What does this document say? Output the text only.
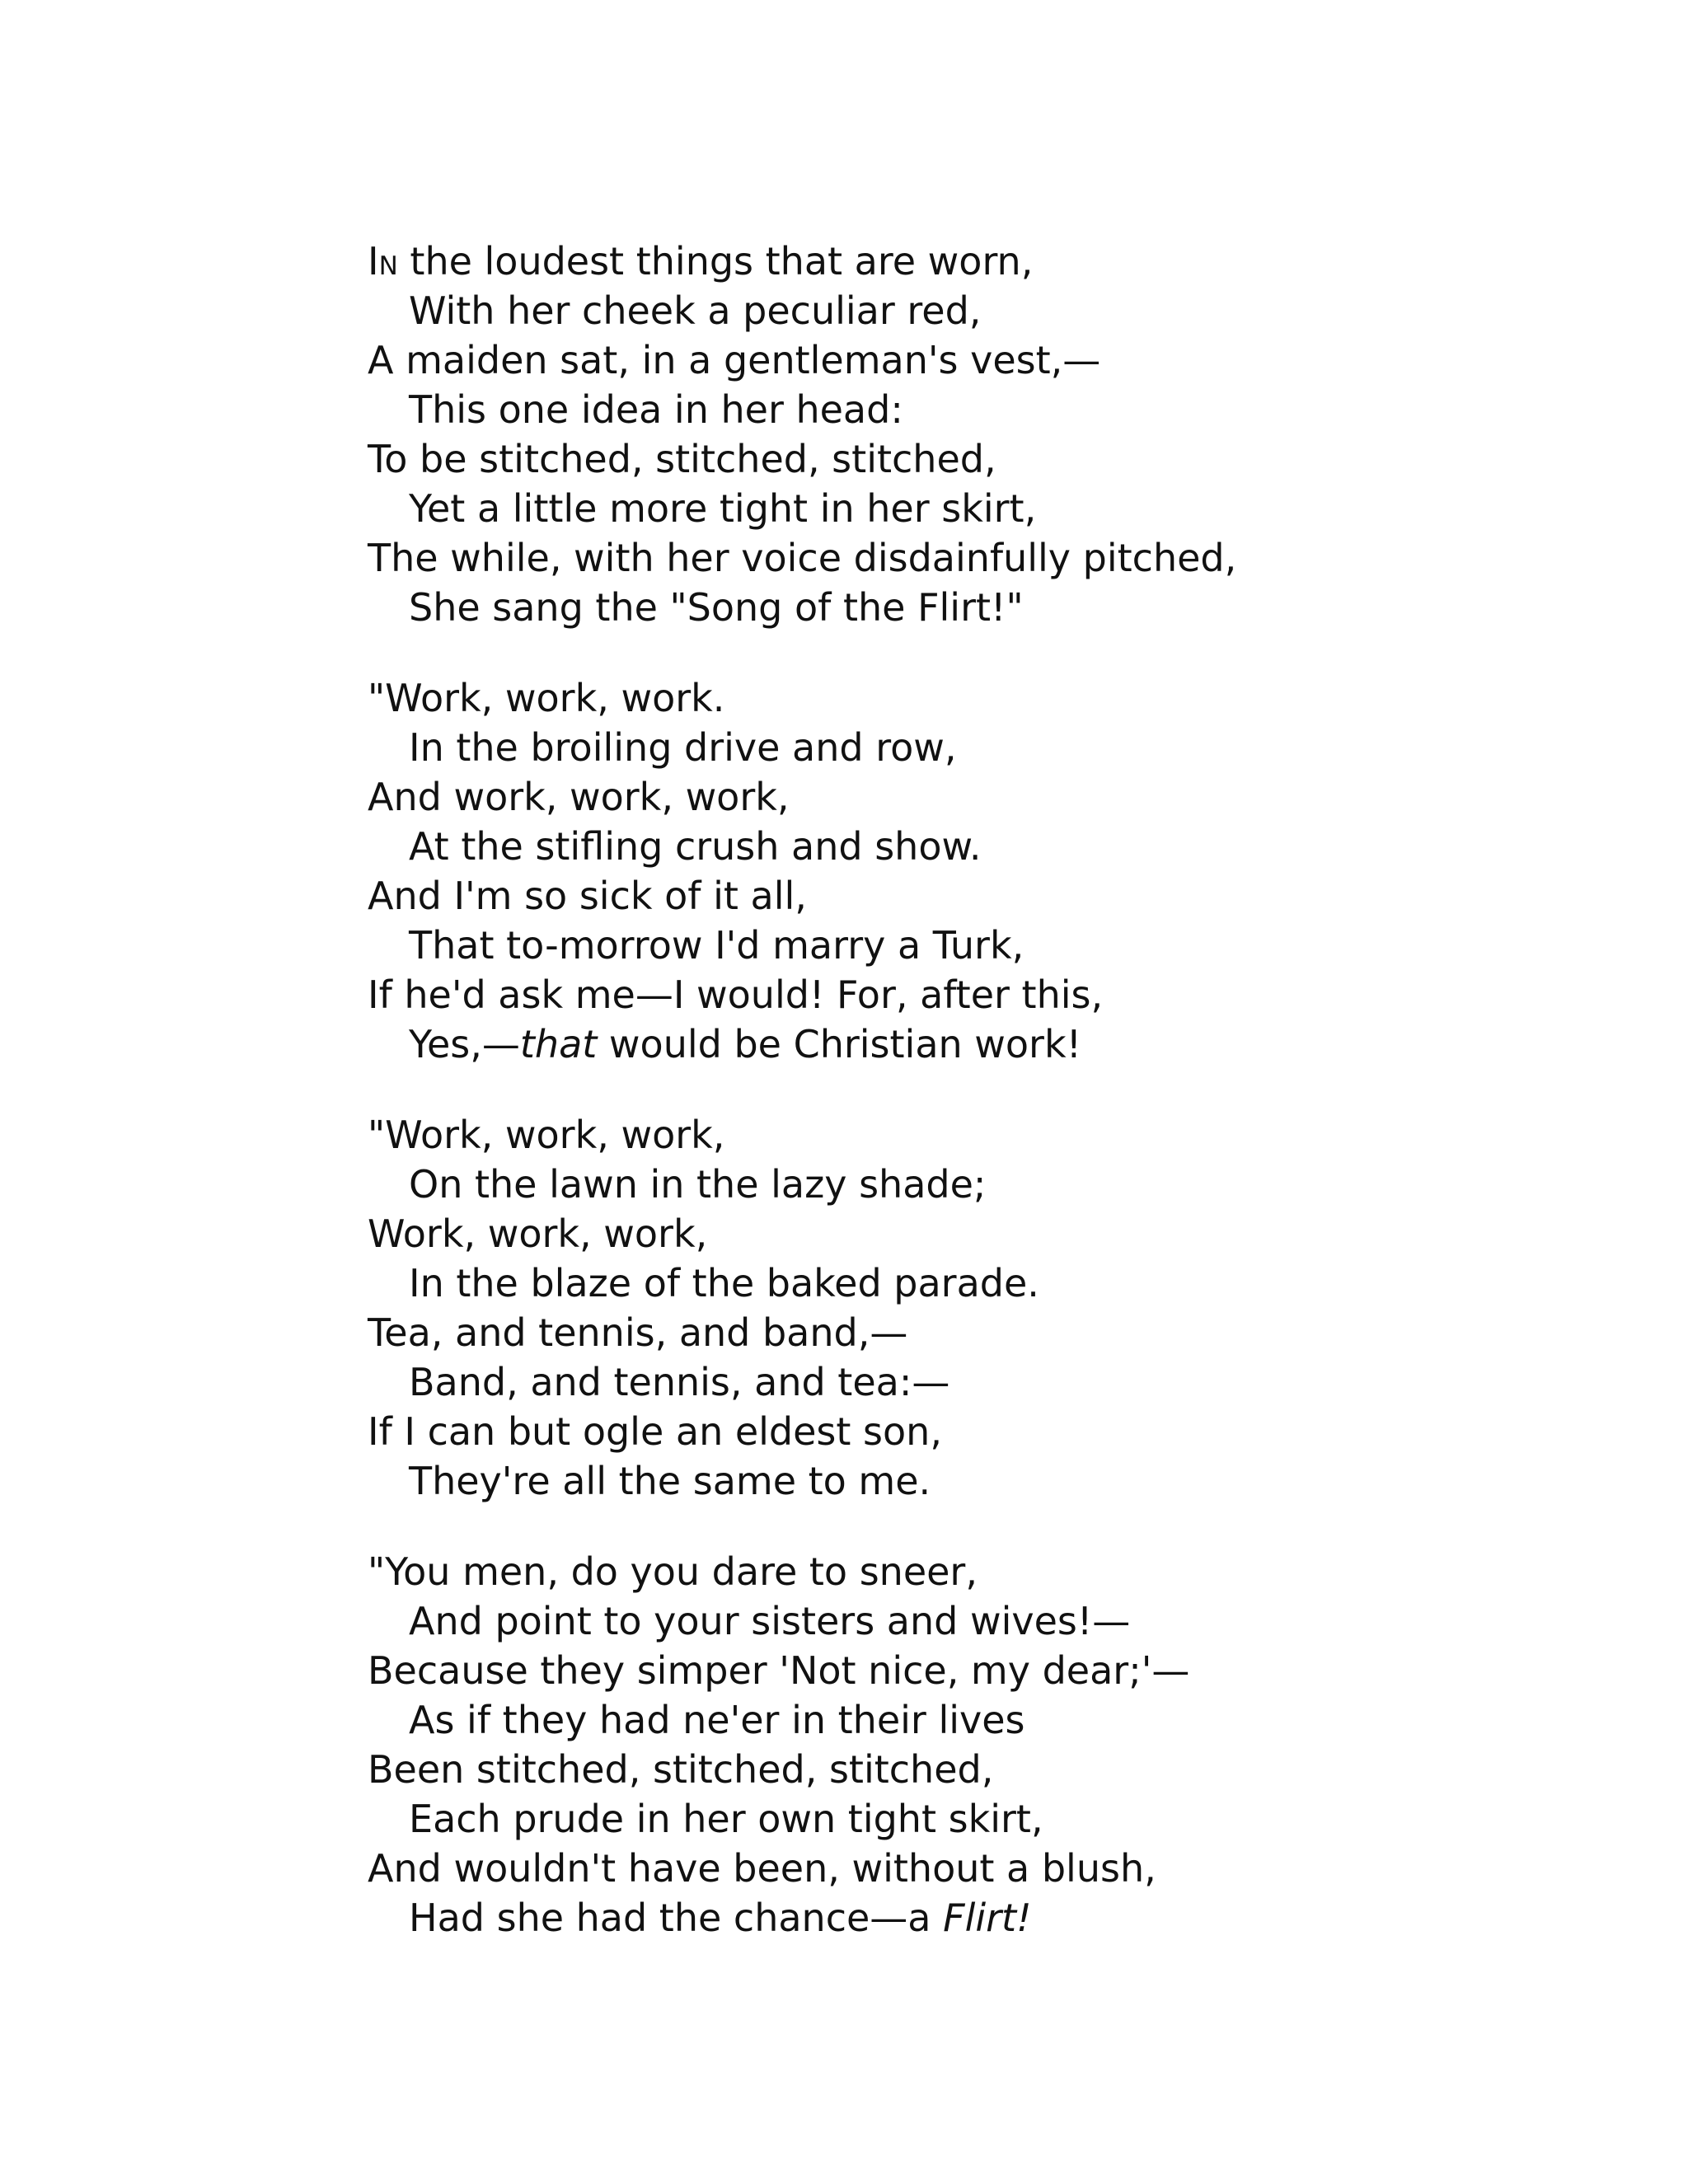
IN the loudest things that are worn,
With her cheek a peculiar red,
A maiden sat, in a gentleman's vest,—
This one idea in her head:
To be stitched, stitched, stitched,
Yet a little more tight in her skirt,
The while, with her voice disdainfully pitched,
She sang the "Song of the Flirt!"
"Work, work, work.
In the broiling drive and row,
And work, work, work,
At the stifling crush and show.
And I'm so sick of it all,
That to-morrow I'd marry a Turk,
If he'd ask me—I would! For, after this,
Yes,—that would be Christian work!
"Work, work, work,
On the lawn in the lazy shade;
Work, work, work,
In the blaze of the baked parade.
Tea, and tennis, and band,—
Band, and tennis, and tea:—
If I can but ogle an eldest son,
They're all the same to me.
"You men, do you dare to sneer,
And point to your sisters and wives!—
Because they simper 'Not nice, my dear;'—
As if they had ne'er in their lives
Been stitched, stitched, stitched,
Each prude in her own tight skirt,
And wouldn't have been, without a blush,
Had she had the chance—a Flirt!
